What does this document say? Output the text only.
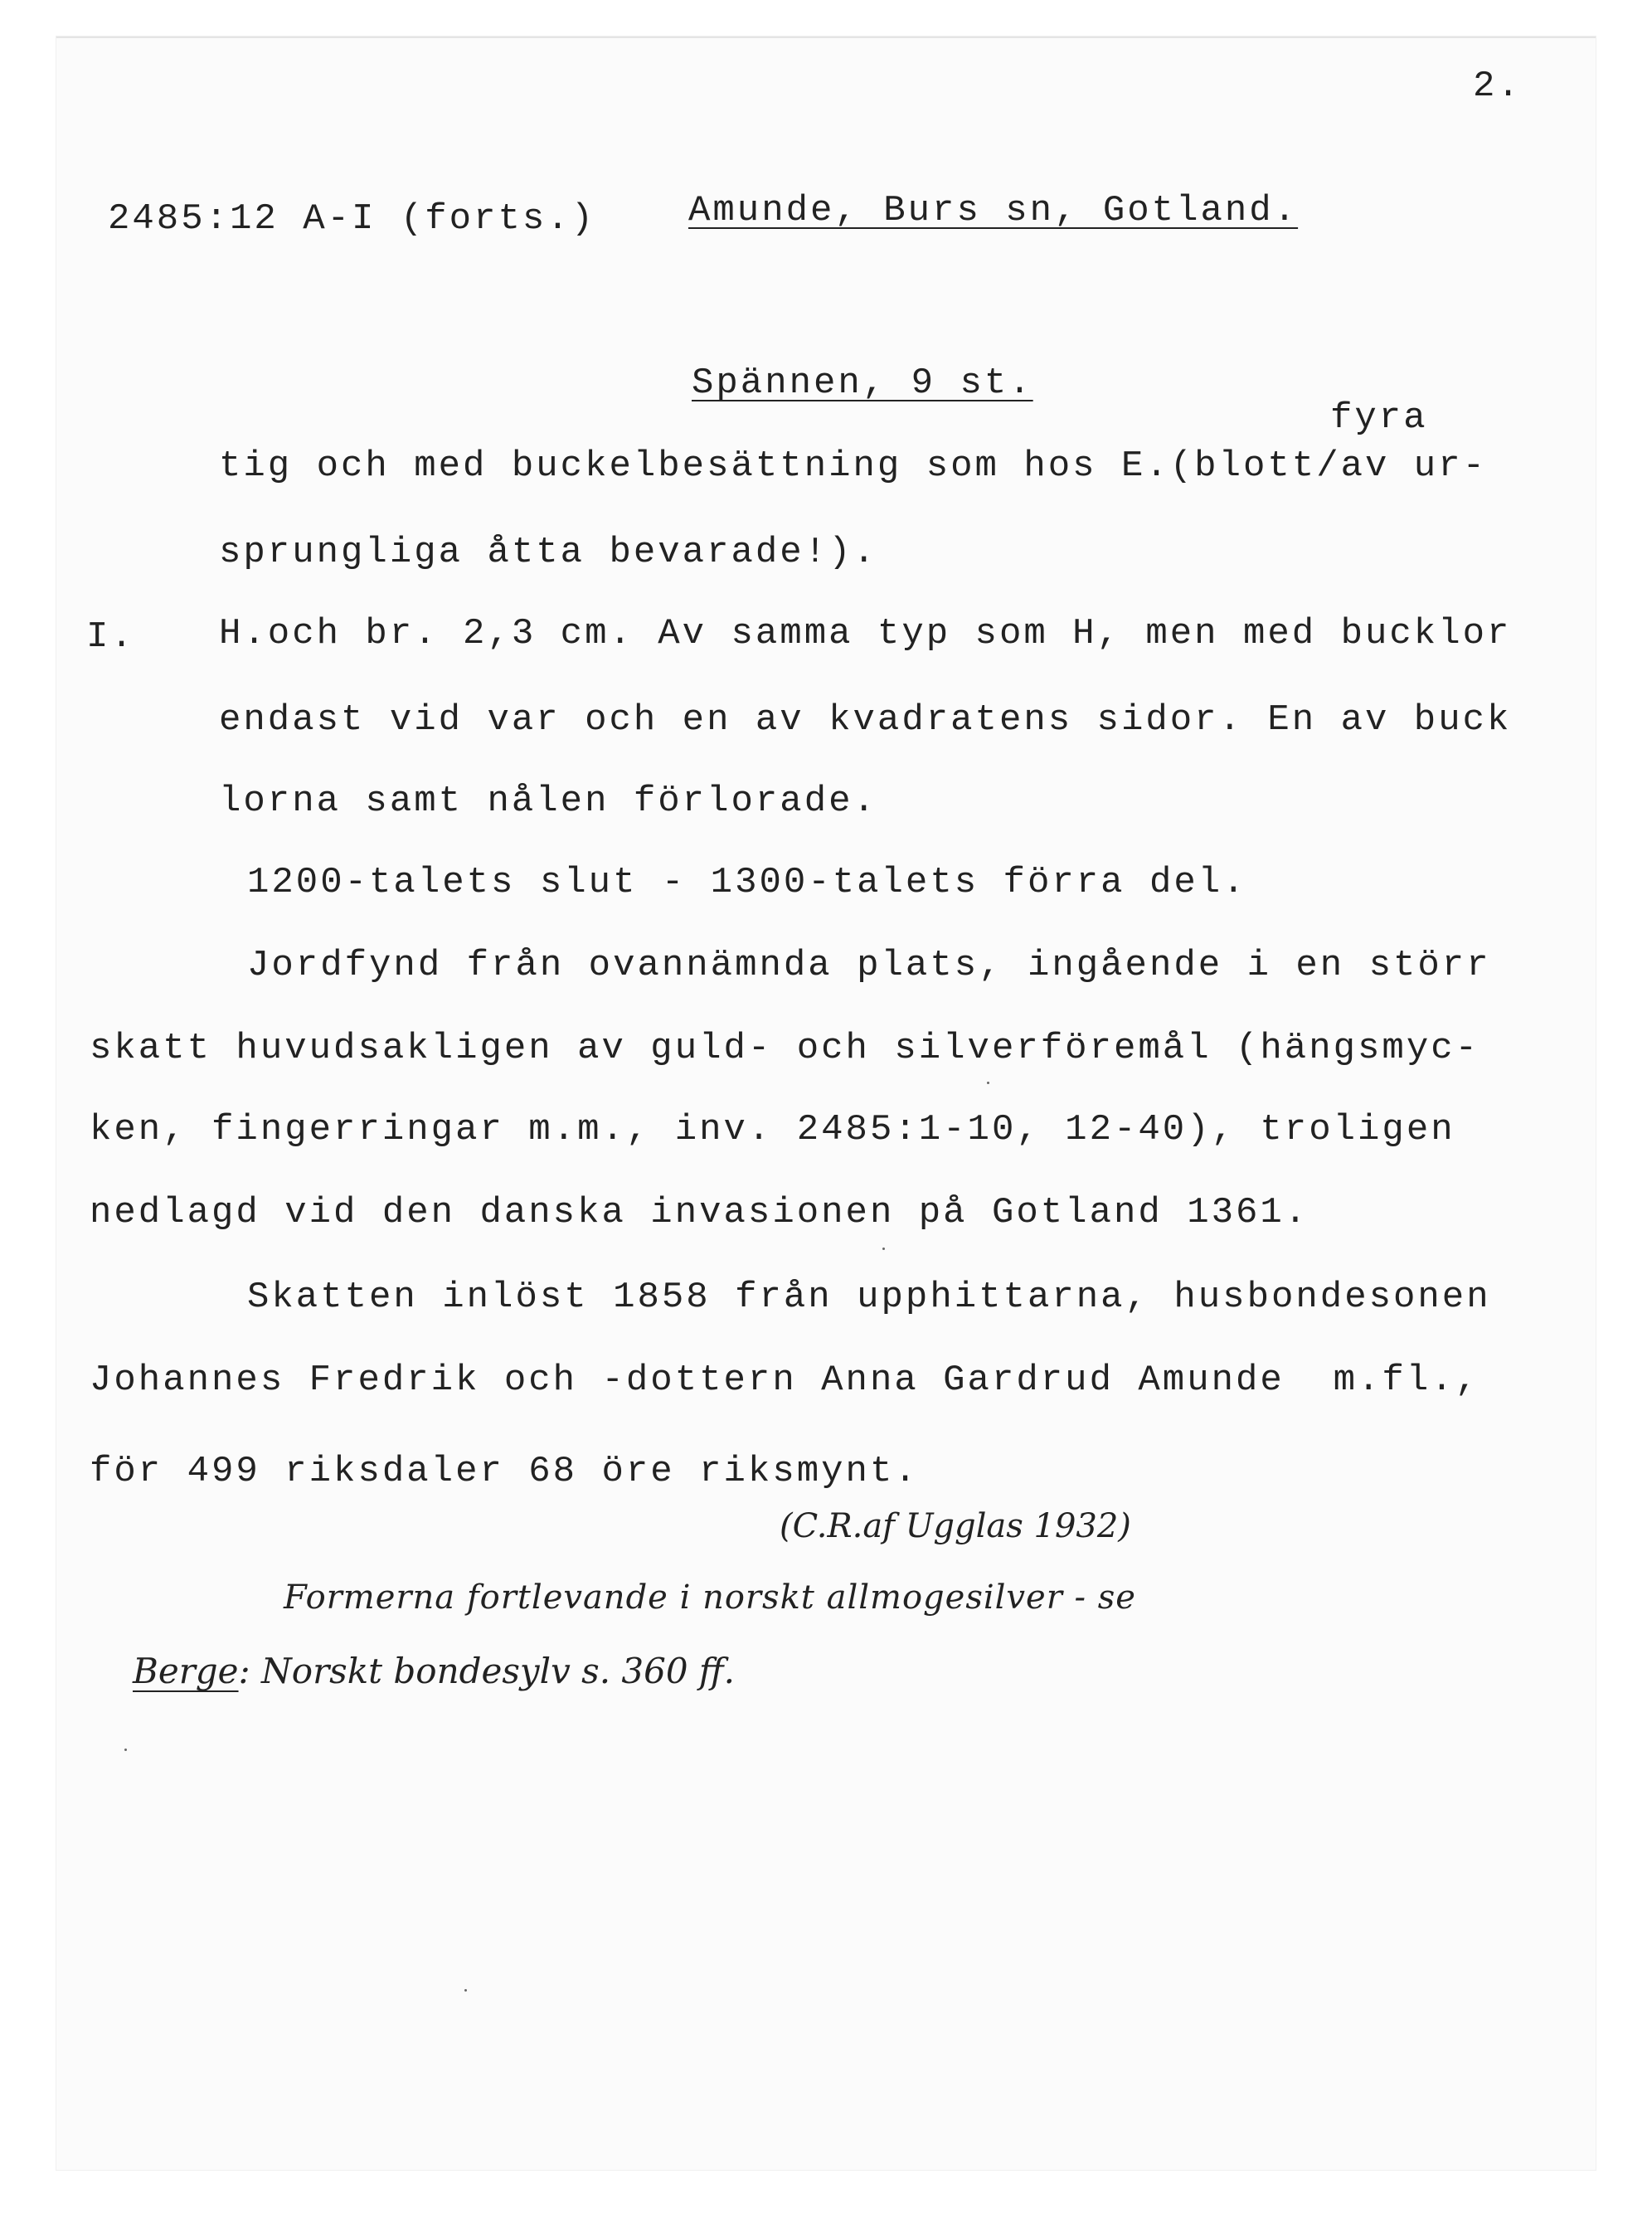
2.

2485:12 A-I (forts.)	Amunde, Burs sn, Gotland.

Spännen, 9 st.

fyra

tig och med buckelbesättning som hos E.(blott/av ur-

sprungliga åtta bevarade!).

I. H.och br. 2,3 cm. Av samma typ som H, men med bucklor

endast vid var och en av kvadratens sidor. En av buck

lorna samt nålen förlorade.

1200-talets slut - 1300-talets förra del.

Jordfynd från ovannämnda plats, ingående i en störr

skatt huvudsakligen av guld- och silverföremål (hängsmyc-

ken, fingerringar m.m., inv. 2485:1-10, 12-40), troligen

nedlagd vid den danska invasionen på Gotland 1361.

Skatten inlöst 1858 från upphittarna, husbondesonen

Johannes Fredrik och -dottern Anna Gardrud Amunde  m.fl.,

för 499 riksdaler 68 öre riksmynt.

(C.R.af Ugglas 1932)

Formerna fortlevande i norskt allmogesilver - se

Berge: Norskt bondesylv s. 360 ff.
